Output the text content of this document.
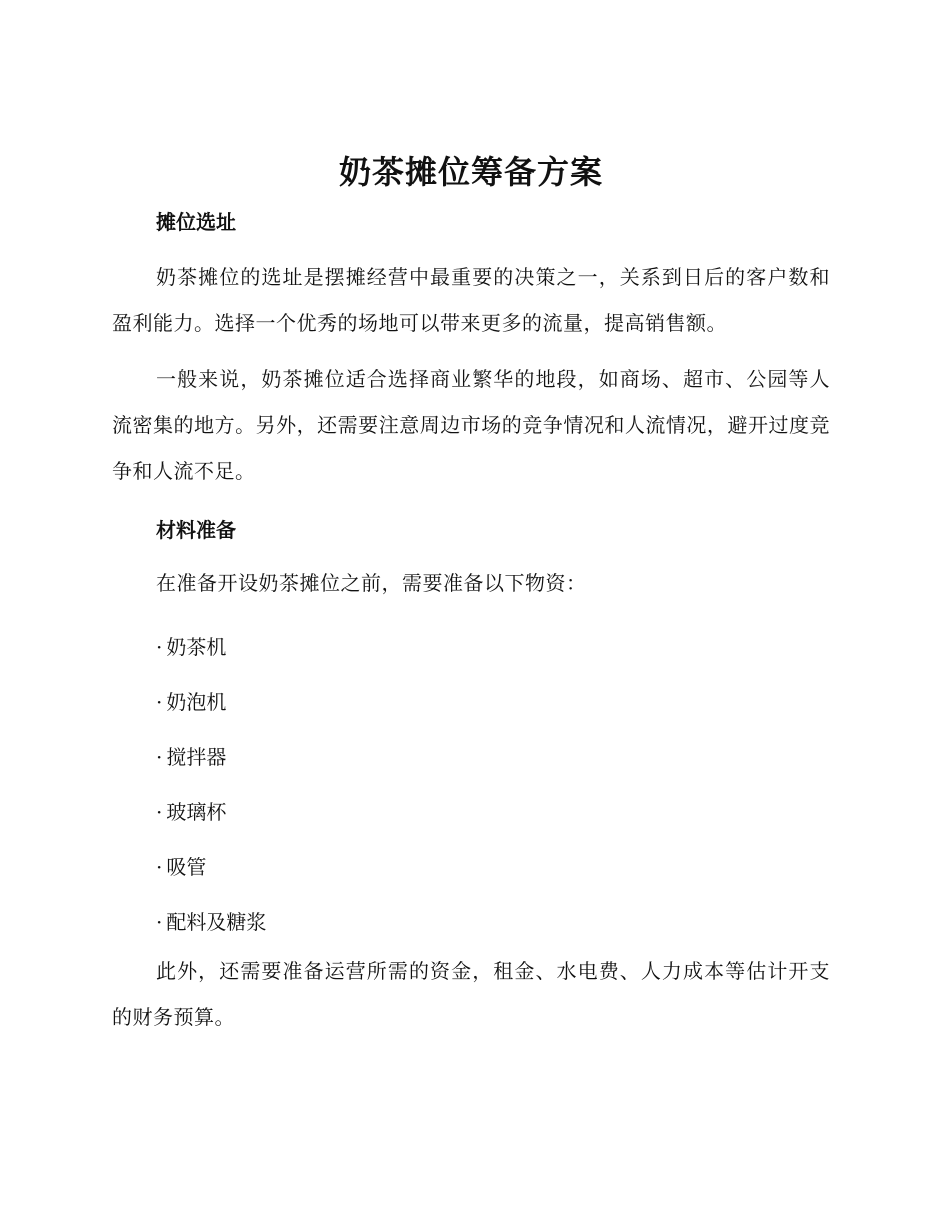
奶茶摊位筹备方案
摊位选址

奶茶摊位的选址是摆摊经营中最重要的决策之一，关系到日后的客户数和盈利能力。选择一个优秀的场地可以带来更多的流量，提高销售额。

一般来说，奶茶摊位适合选择商业繁华的地段，如商场、超市、公园等人流密集的地方。另外，还需要注意周边市场的竞争情况和人流情况，避开过度竞争和人流不足。

材料准备

在准备开设奶茶摊位之前，需要准备以下物资：

· 奶茶机
· 奶泡机
· 搅拌器
· 玻璃杯
· 吸管
· 配料及糖浆

此外，还需要准备运营所需的资金，租金、水电费、人力成本等估计开支的财务预算。
